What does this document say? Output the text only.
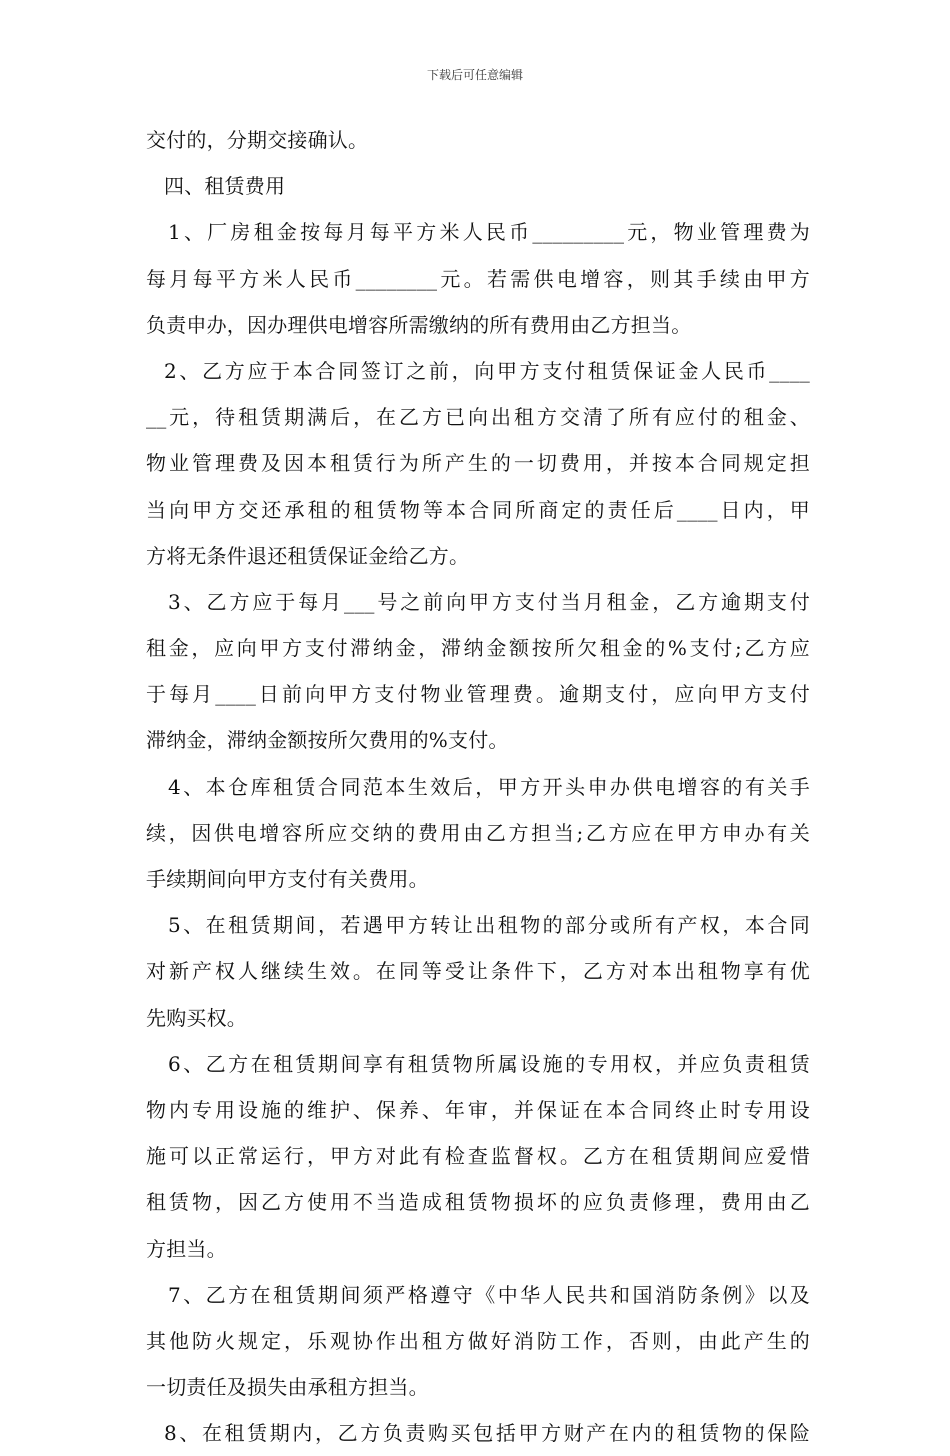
下载后可任意编辑
交付的，分期交接确认。
四、租赁费用
1、厂房租金按每月每平方米人民币_________元，物业管理费为
每月每平方米人民币________元。若需供电增容，则其手续由甲方
负责申办，因办理供电增容所需缴纳的所有费用由乙方担当。
2、乙方应于本合同签订之前，向甲方支付租赁保证金人民币____
__元，待租赁期满后，在乙方已向出租方交清了所有应付的租金、
物业管理费及因本租赁行为所产生的一切费用，并按本合同规定担
当向甲方交还承租的租赁物等本合同所商定的责任后____日内，甲
方将无条件退还租赁保证金给乙方。
3、乙方应于每月___号之前向甲方支付当月租金，乙方逾期支付
租金，应向甲方支付滞纳金，滞纳金额按所欠租金的%支付;乙方应
于每月____日前向甲方支付物业管理费。逾期支付，应向甲方支付
滞纳金，滞纳金额按所欠费用的%支付。
4、本仓库租赁合同范本生效后，甲方开头申办供电增容的有关手
续，因供电增容所应交纳的费用由乙方担当;乙方应在甲方申办有关
手续期间向甲方支付有关费用。
5、在租赁期间，若遇甲方转让出租物的部分或所有产权，本合同
对新产权人继续生效。在同等受让条件下，乙方对本出租物享有优
先购买权。
6、乙方在租赁期间享有租赁物所属设施的专用权，并应负责租赁
物内专用设施的维护、保养、年审，并保证在本合同终止时专用设
施可以正常运行，甲方对此有检查监督权。乙方在租赁期间应爱惜
租赁物，因乙方使用不当造成租赁物损坏的应负责修理，费用由乙
方担当。
7、乙方在租赁期间须严格遵守《中华人民共和国消防条例》以及
其他防火规定，乐观协作出租方做好消防工作，否则，由此产生的
一切责任及损失由承租方担当。
8、在租赁期内，乙方负责购买包括甲方财产在内的租赁物的保险
